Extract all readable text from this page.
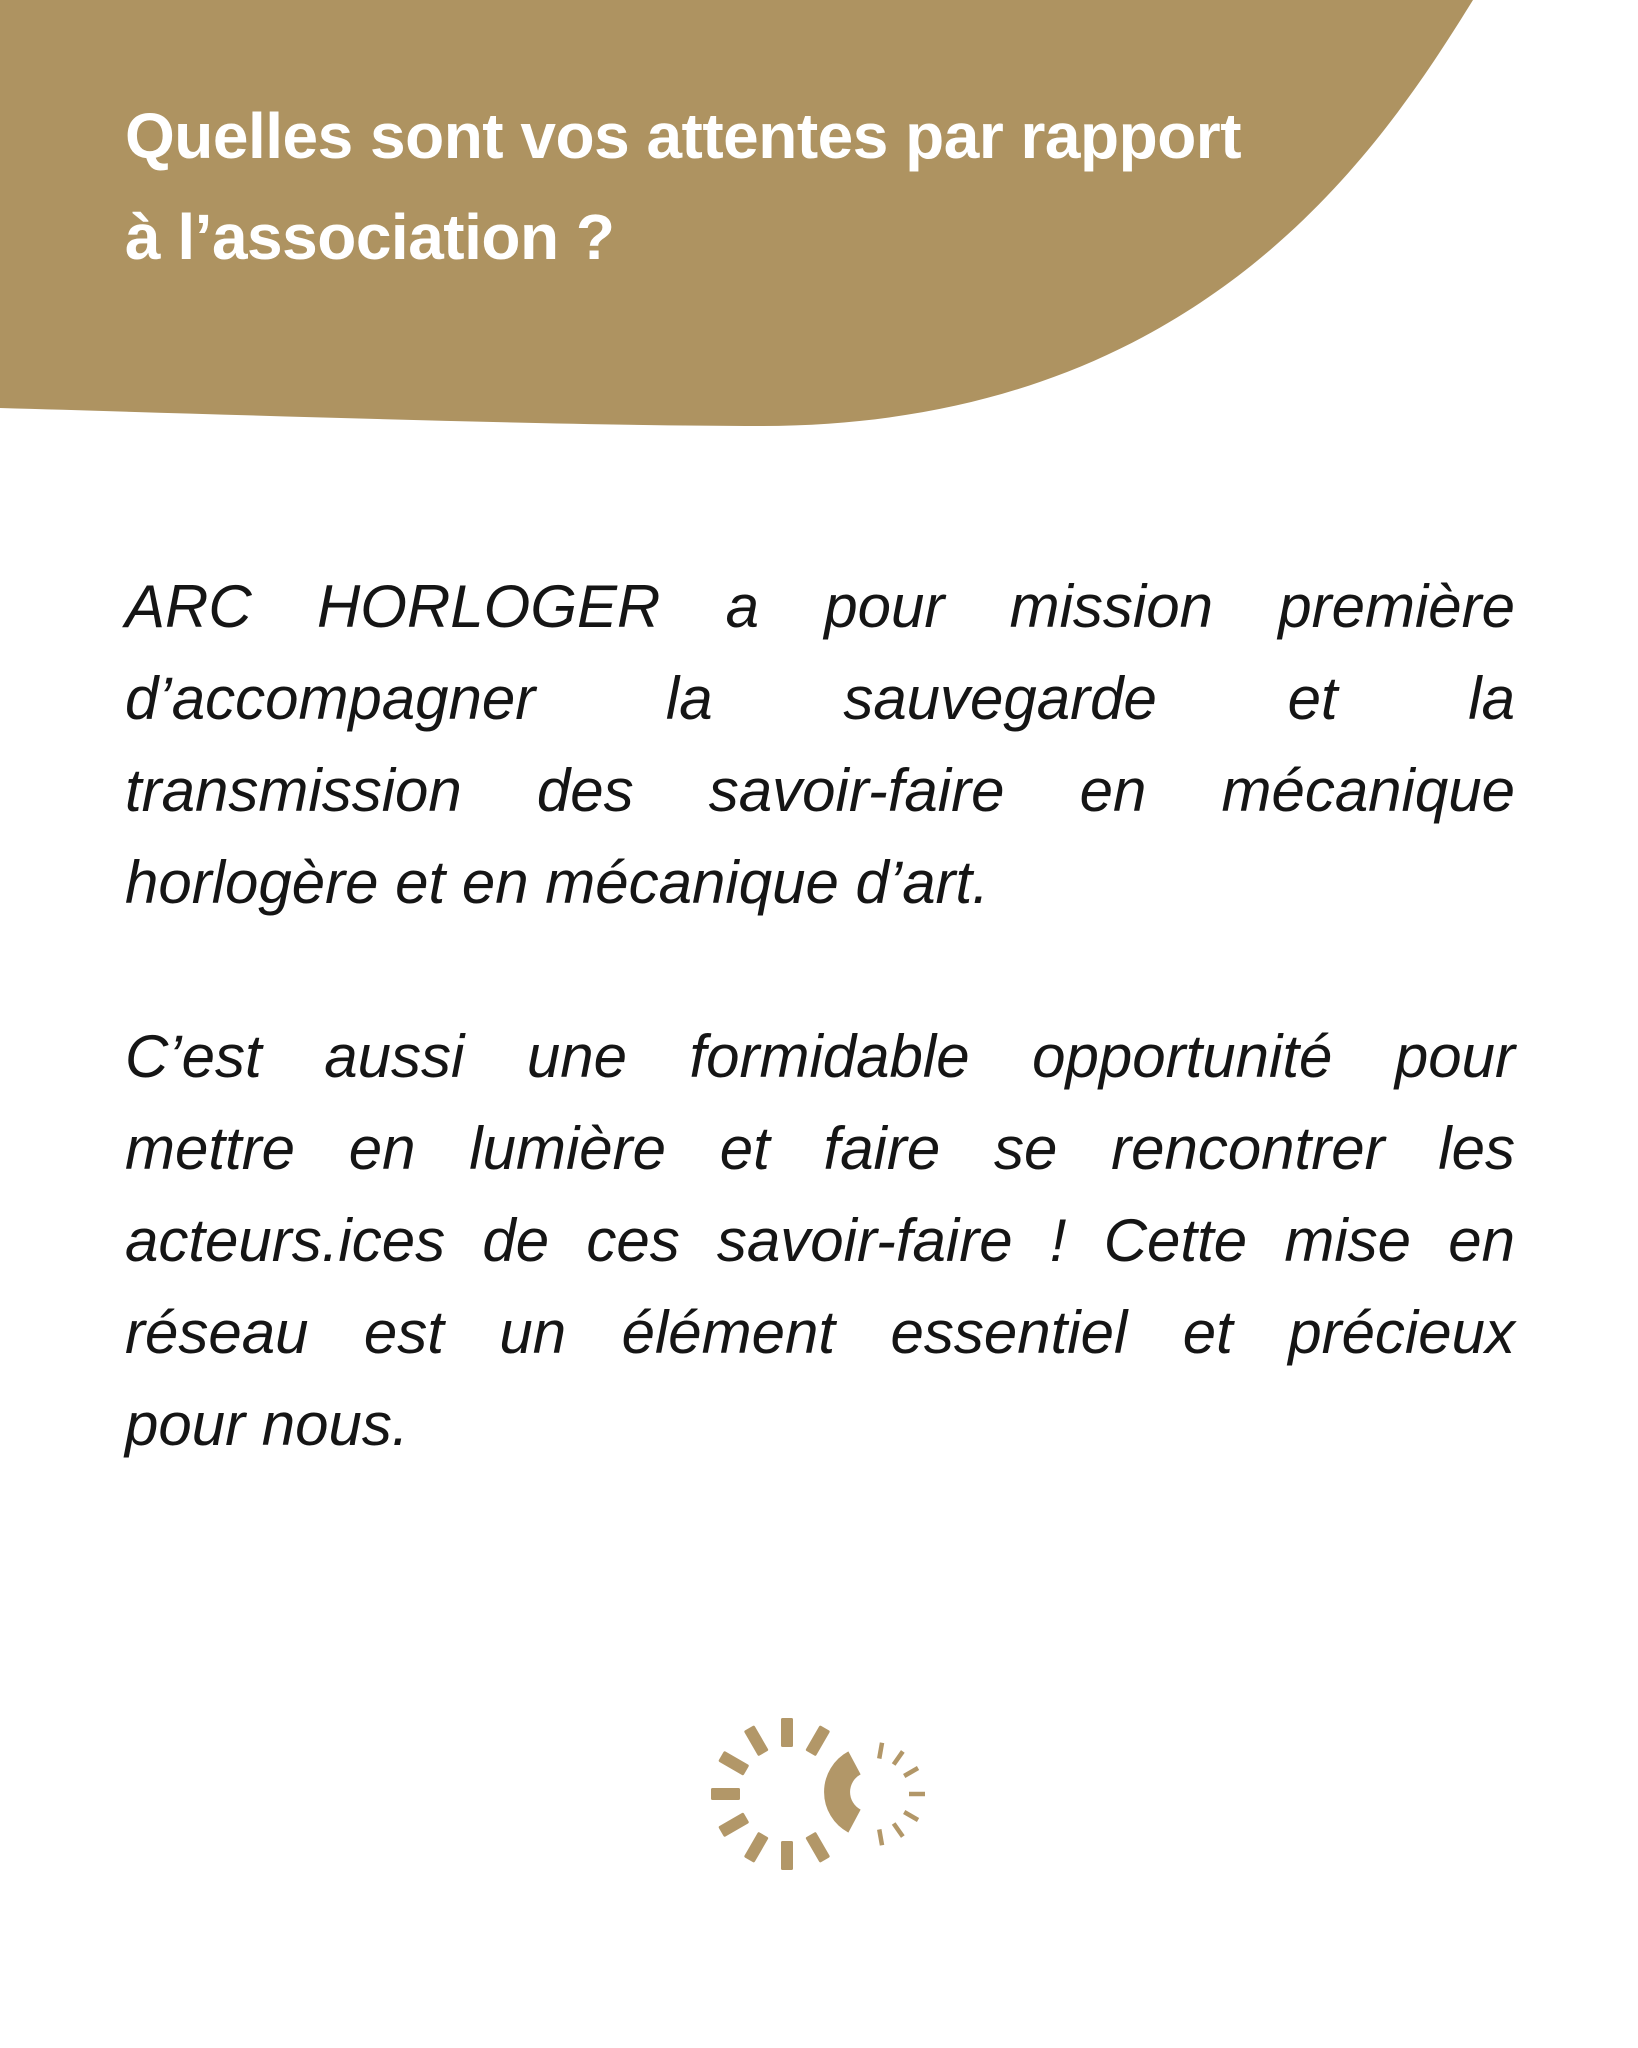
Quelles sont vos attentes par rapport
à l’association ?
ARC HORLOGER a pour mission première
d’accompagner la sauvegarde et la
transmission des savoir-faire en mécanique
horlogère et en mécanique d’art.
C’est aussi une formidable opportunité pour
mettre en lumière et faire se rencontrer les
acteurs.ices de ces savoir-faire ! Cette mise en
réseau est un élément essentiel et précieux
pour nous.
